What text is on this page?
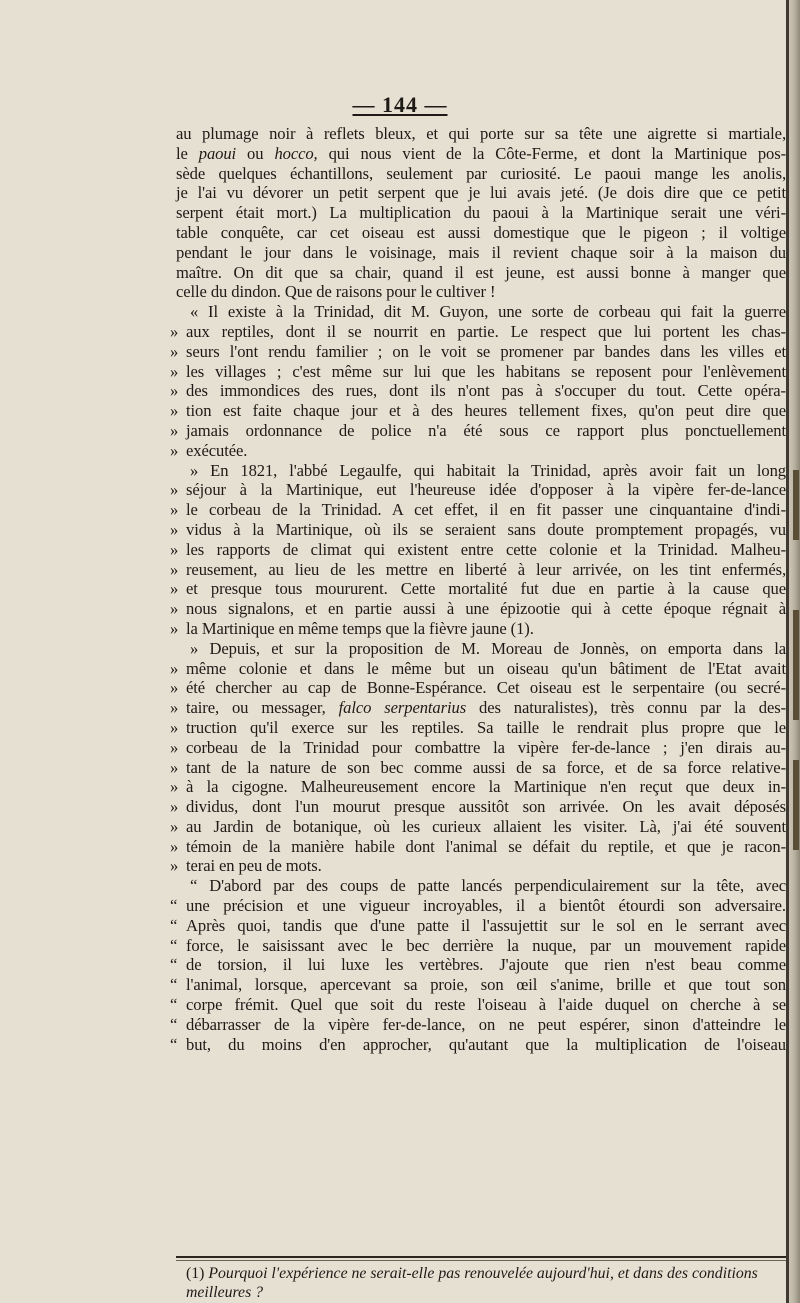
— 144 —
au plumage noir à reflets bleux, et qui porte sur sa tête une aigrette si martiale,
le paoui ou hocco, qui nous vient de la Côte-Ferme, et dont la Martinique pos-
sède quelques échantillons, seulement par curiosité. Le paoui mange les anolis,
je l'ai vu dévorer un petit serpent que je lui avais jeté. (Je dois dire que ce petit
serpent était mort.) La multiplication du paoui à la Martinique serait une véri-
table conquête, car cet oiseau est aussi domestique que le pigeon ; il voltige
pendant le jour dans le voisinage, mais il revient chaque soir à la maison du
maître. On dit que sa chair, quand il est jeune, est aussi bonne à manger que
celle du dindon. Que de raisons pour le cultiver !
« Il existe à la Trinidad, dit M. Guyon, une sorte de corbeau qui fait la guerre
» aux reptiles, dont il se nourrit en partie. Le respect que lui portent les chas-
» seurs l'ont rendu familier ; on le voit se promener par bandes dans les villes et
» les villages ; c'est même sur lui que les habitans se reposent pour l'enlèvement
» des immondices des rues, dont ils n'ont pas à s'occuper du tout. Cette opéra-
» tion est faite chaque jour et à des heures tellement fixes, qu'on peut dire que
» jamais ordonnance de police n'a été sous ce rapport plus ponctuellement
» exécutée.
» En 1821, l'abbé Legaulfe, qui habitait la Trinidad, après avoir fait un long
» séjour à la Martinique, eut l'heureuse idée d'opposer à la vipère fer-de-lance
» le corbeau de la Trinidad. A cet effet, il en fit passer une cinquantaine d'indi-
» vidus à la Martinique, où ils se seraient sans doute promptement propagés, vu
» les rapports de climat qui existent entre cette colonie et la Trinidad. Malheu-
» reusement, au lieu de les mettre en liberté à leur arrivée, on les tint enfermés,
» et presque tous moururent. Cette mortalité fut due en partie à la cause que
» nous signalons, et en partie aussi à une épizootie qui à cette époque régnait à
» la Martinique en même temps que la fièvre jaune (1).
» Depuis, et sur la proposition de M. Moreau de Jonnès, on emporta dans la
» même colonie et dans le même but un oiseau qu'un bâtiment de l'Etat avait
» été chercher au cap de Bonne-Espérance. Cet oiseau est le serpentaire (ou secré-
» taire, ou messager, falco serpentarius des naturalistes), très connu par la des-
» truction qu'il exerce sur les reptiles. Sa taille le rendrait plus propre que le
» corbeau de la Trinidad pour combattre la vipère fer-de-lance ; j'en dirais au-
» tant de la nature de son bec comme aussi de sa force, et de sa force relative-
» à la cigogne. Malheureusement encore la Martinique n'en reçut que deux in-
» dividus, dont l'un mourut presque aussitôt son arrivée. On les avait déposés
» au Jardin de botanique, où les curieux allaient les visiter. Là, j'ai été souvent
» témoin de la manière habile dont l'animal se défait du reptile, et que je racon-
» terai en peu de mots.
“ D'abord par des coups de patte lancés perpendiculairement sur la tête, avec
“ une précision et une vigueur incroyables, il a bientôt étourdi son adversaire.
“ Après quoi, tandis que d'une patte il l'assujettit sur le sol en le serrant avec
“ force, le saisissant avec le bec derrière la nuque, par un mouvement rapide
“ de torsion, il lui luxe les vertèbres. J'ajoute que rien n'est beau comme
“ l'animal, lorsque, apercevant sa proie, son œil s'anime, brille et que tout son
“ corpe frémit. Quel que soit du reste l'oiseau à l'aide duquel on cherche à se
“ débarrasser de la vipère fer-de-lance, on ne peut espérer, sinon d'atteindre le
“ but, du moins d'en approcher, qu'autant que la multiplication de l'oiseau
(1) Pourquoi l'expérience ne serait-elle pas renouvelée aujourd'hui, et dans des conditions meilleures ?
